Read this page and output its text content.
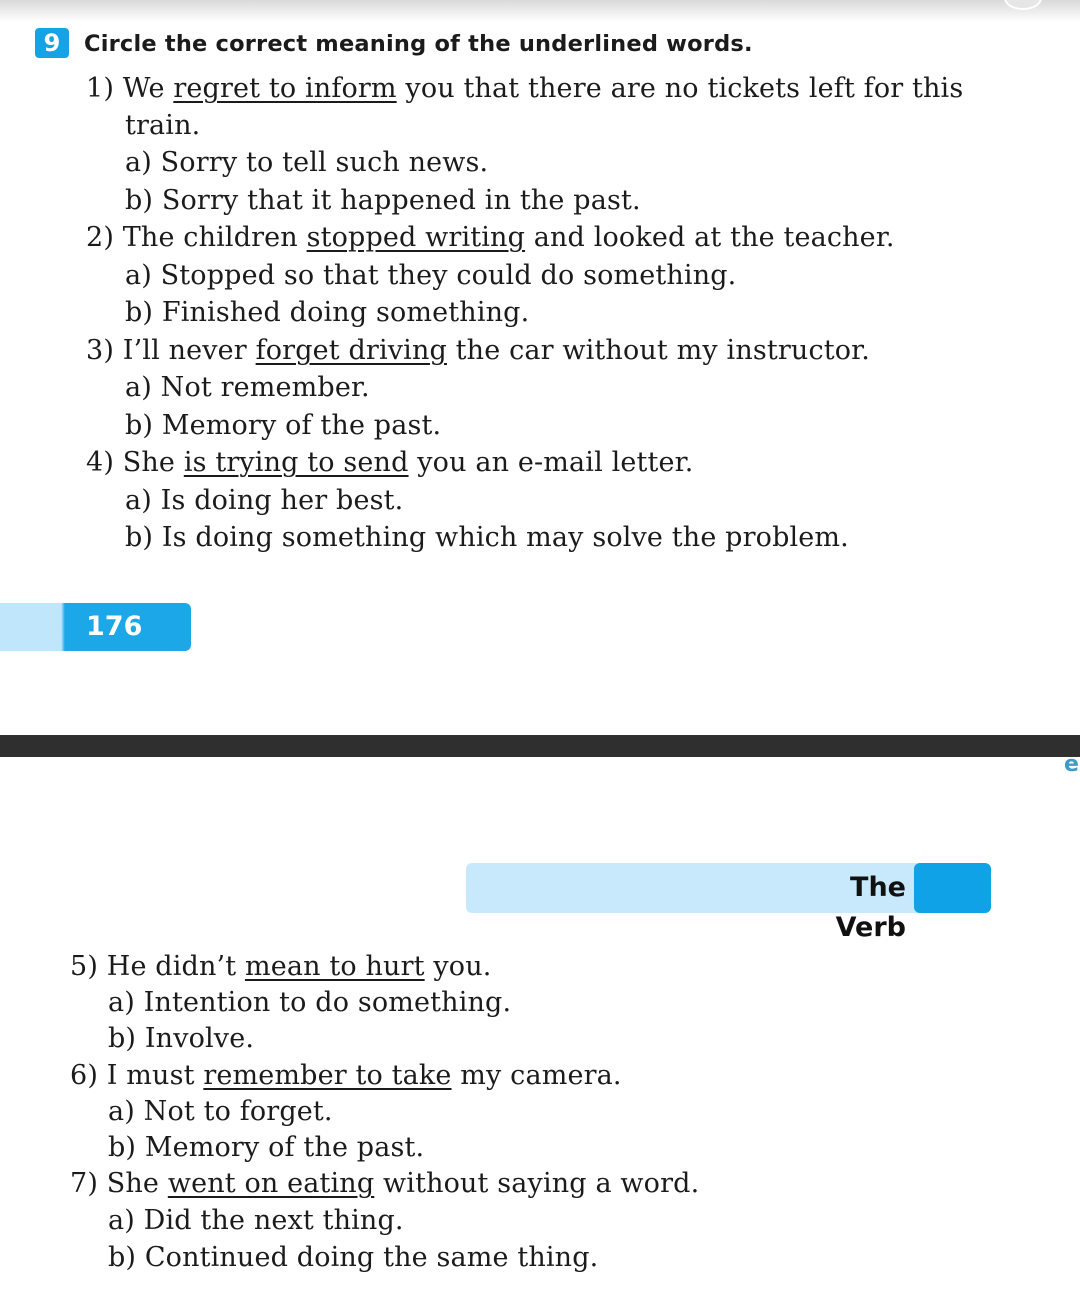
9	Circle the correct meaning of the underlined words.
1) We regret to inform you that there are no tickets left for this
train.
a) Sorry to tell such news.
b) Sorry that it happened in the past.
2) The children stopped writing and looked at the teacher.
a) Stopped so that they could do something.
b) Finished doing something.
3) I’ll never forget driving the car without my instructor.
a) Not remember.
b) Memory of the past.
4) She is trying to send you an e-mail letter.
a) Is doing her best.
b) Is doing something which may solve the problem.
176
e
The Verb
5) He didn’t mean to hurt you.
a) Intention to do something.
b) Involve.
6) I must remember to take my camera.
a) Not to forget.
b) Memory of the past.
7) She went on eating without saying a word.
a) Did the next thing.
b) Continued doing the same thing.
